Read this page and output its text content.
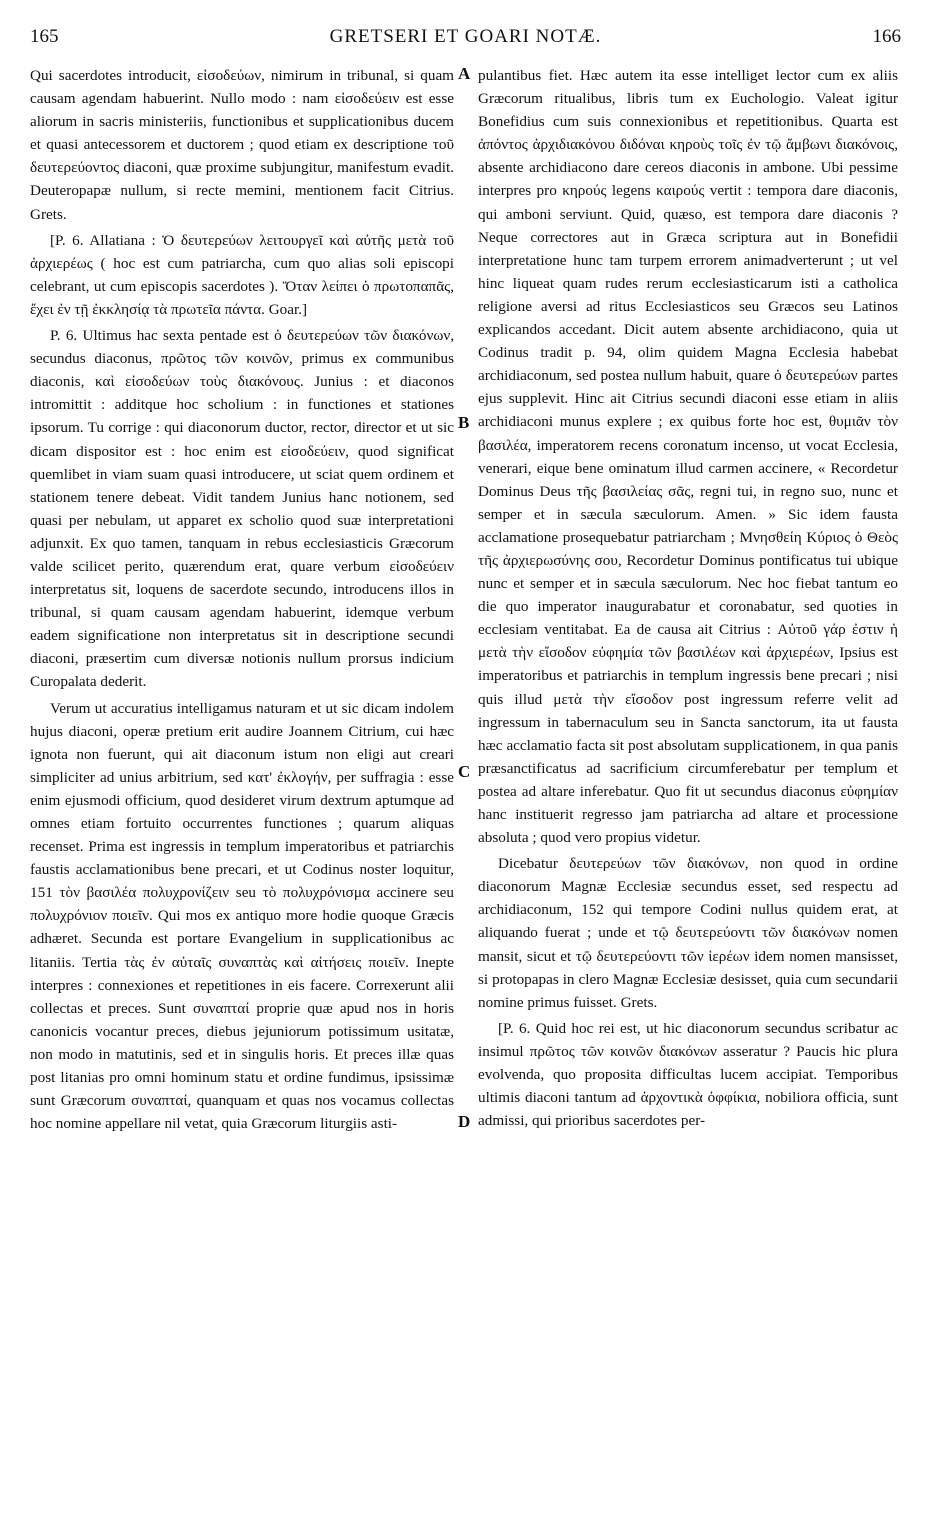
165	GRETSERI ET GOARI NOTÆ.	166
A
B
C
D

Qui sacerdotes introducit, εἰσοδεύων, nimirum in tribunal, si quam causam agendam habuerint. Nullo modo : nam εἰσοδεύειν est esse aliorum in sacris ministeriis, functionibus et supplicationibus ducem et quasi antecessorem et ductorem ; quod etiam ex descriptione τοῦ δευτερεύοντος diaconi, quæ proxime subjungitur, manifestum evadit. Deuteropapæ nullum, si recte memini, mentionem facit Citrius. Grets.

[P. 6. Allatiana : Ὁ δευτερεύων λειτουργεῖ καὶ αὐτῆς μετὰ τοῦ ἀρχιερέως ( hoc est cum patriarcha, cum quo alias soli episcopi celebrant, ut cum episcopis sacerdotes ). Ὅταν λείπει ὁ πρωτοπαπᾶς, ἔχει ἐν τῇ ἐκκλησίᾳ τὰ πρωτεῖα πάντα. Goar.]

P. 6. Ultimus hac sexta pentade est ὁ δευτερεύων τῶν διακόνων, secundus diaconus, πρῶτος τῶν κοινῶν, primus ex communibus diaconis, καὶ εἰσοδεύων τοὺς διακόνους. Junius : et diaconos intromittit : additque hoc scholium : in functiones et stationes ipsorum. Tu corrige : qui diaconorum ductor, rector, director et ut sic dicam dispositor est : hoc enim est εἰσοδεύειν, quod significat quemlibet in viam suam quasi introducere, ut sciat quem ordinem et stationem tenere debeat. Vidit tandem Junius hanc notionem, sed quasi per nebulam, ut apparet ex scholio quod suæ interpretationi adjunxit. Ex quo tamen, tanquam in rebus ecclesiasticis Græcorum valde scilicet perito, quærendum erat, quare verbum εἰσοδεύειν interpretatus sit, loquens de sacerdote secundo, introducens illos in tribunal, si quam causam agendam habuerint, idemque verbum eadem significatione non interpretatus sit in descriptione secundi diaconi, præsertim cum diversæ notionis nullum prorsus indicium Curopalata dederit.

Verum ut accuratius intelligamus naturam et ut sic dicam indolem hujus diaconi, operæ pretium erit audire Joannem Citrium, cui hæc ignota non fuerunt, qui ait diaconum istum non eligi aut creari simpliciter ad unius arbitrium, sed κατ' ἐκλογήν, per suffragia : esse enim ejusmodi officium, quod desideret virum dextrum aptumque ad omnes etiam fortuito occurrentes functiones ; quarum aliquas recenset. Prima est ingressis in templum imperatoribus et patriarchis faustis acclamationibus bene precari, et ut Codinus noster loquitur, 151 τὸν βασιλέα πολυχρονίζειν seu τὸ πολυχρόνισμα accinere seu πολυχρόνιον ποιεῖν. Qui mos ex antiquo more hodie quoque Græcis adhæret. Secunda est portare Evangelium in supplicationibus ac litaniis. Tertia τὰς ἐν αὐταῖς συναπτὰς καὶ αἰτήσεις ποιεῖν. Inepte interpres : connexiones et repetitiones in eis facere. Correxerunt alii collectas et preces. Sunt συναπταί proprie quæ apud nos in horis canonicis vocantur preces, diebus jejuniorum potissimum usitatæ, non modo in matutinis, sed et in singulis horis. Et preces illæ quas post litanias pro omni hominum statu et ordine fundimus, ipsissimæ sunt Græcorum συναπταί, quanquam et quas nos vocamus collectas hoc nomine appellare nil vetat, quia Græcorum liturgiis asti-

pulantibus fiet. Hæc autem ita esse intelliget lector cum ex aliis Græcorum ritualibus, libris tum ex Euchologio. Valeat igitur Bonefidius cum suis connexionibus et repetitionibus. Quarta est ἀπόντος ἀρχιδιακόνου διδόναι κηροὺς τοῖς ἐν τῷ ἄμβωνι διακόνοις, absente archidiacono dare cereos diaconis in ambone. Ubi pessime interpres pro κηρούς legens καιρούς vertit : tempora dare diaconis, qui amboni serviunt. Quid, quæso, est tempora dare diaconis ? Neque correctores aut in Græca scriptura aut in Bonefidii interpretatione hunc tam turpem errorem animadverterunt ; ut vel hinc liqueat quam rudes rerum ecclesiasticarum isti a catholica religione aversi ad ritus Ecclesiasticos seu Græcos seu Latinos explicandos accedant. Dicit autem absente archidiacono, quia ut Codinus tradit p. 94, olim quidem Magna Ecclesia habebat archidiaconum, sed postea nullum habuit, quare ὁ δευτερεύων partes ejus supplevit. Hinc ait Citrius secundi diaconi esse etiam in aliis archidiaconi munus explere ; ex quibus forte hoc est, θυμιᾶν τὸν βασιλέα, imperatorem recens coronatum incenso, ut vocat Ecclesia, venerari, eique bene ominatum illud carmen accinere, « Recordetur Dominus Deus τῆς βασιλείας σᾶς, regni tui, in regno suo, nunc et semper et in sæcula sæculorum. Amen. » Sic idem fausta acclamatione prosequebatur patriarcham ; Μνησθείη Κύριος ὁ Θεὸς τῆς ἀρχιερωσύνης σου, Recordetur Dominus pontificatus tui ubique nunc et semper et in sæcula sæculorum. Nec hoc fiebat tantum eo die quo imperator inaugurabatur et coronabatur, sed quoties in ecclesiam ventitabat. Ea de causa ait Citrius : Αὐτοῦ γάρ ἐστιν ἡ μετὰ τὴν εἴσοδον εὐφημία τῶν βασιλέων καὶ ἀρχιερέων, Ipsius est imperatoribus et patriarchis in templum ingressis bene precari ; nisi quis illud μετὰ τὴν εἴσοδον post ingressum referre velit ad ingressum in tabernaculum seu in Sancta sanctorum, ita ut fausta hæc acclamatio facta sit post absolutam supplicationem, in qua panis præsanctificatus ad sacrificium circumferebatur per templum et postea ad altare inferebatur. Quo fit ut secundus diaconus εὐφημίαν hanc instituerit regresso jam patriarcha ad altare et processione absoluta ; quod vero propius videtur.

Dicebatur δευτερεύων τῶν διακόνων, non quod in ordine diaconorum Magnæ Ecclesiæ secundus esset, sed respectu ad archidiaconum, 152 qui tempore Codini nullus quidem erat, at aliquando fuerat ; unde et τῷ δευτερεύοντι τῶν διακόνων nomen mansit, sicut et τῷ δευτερεύοντι τῶν ἱερέων idem nomen mansisset, si protopapas in clero Magnæ Ecclesiæ desisset, quia cum secundarii nomine primus fuisset. Grets.

[P. 6. Quid hoc rei est, ut hic diaconorum secundus scribatur ac insimul πρῶτος τῶν κοινῶν διακόνων asseratur ? Paucis hic plura evolvenda, quo proposita difficultas lucem accipiat. Temporibus ultimis diaconi tantum ad ἀρχοντικὰ ὀφφίκια, nobiliora officia, sunt admissi, qui prioribus sacerdotes per-
